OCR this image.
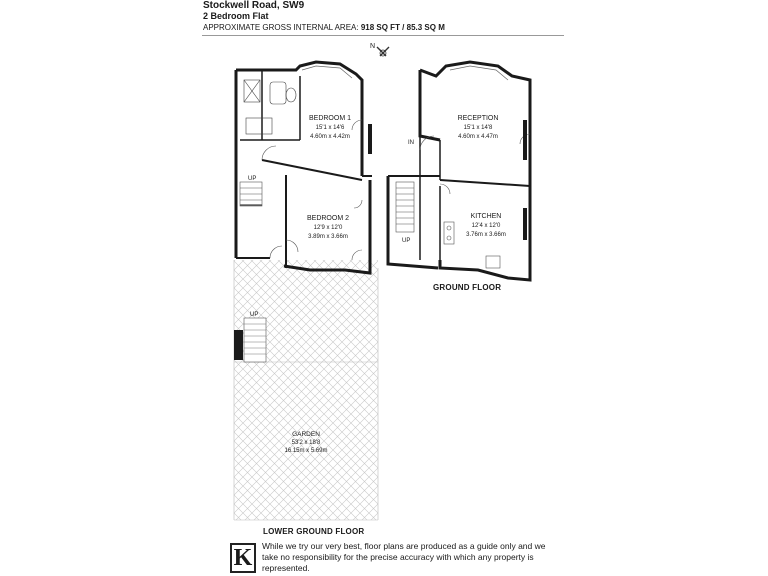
Stockwell Road, SW9
2 Bedroom Flat
APPROXIMATE GROSS INTERNAL AREA: 918 SQ FT / 85.3 SQ M
N
BEDROOM 1
15'1 x 14'6
4.60m x 4.42m
BEDROOM 2
12'9 x 12'0
3.89m x 3.66m
GARDEN
53'2 x 18'8
16.15m x 5.69m
UP
UP
RECEPTION
15'1 x 14'8
4.60m x 4.47m
KITCHEN
12'4 x 12'0
3.76m x 3.66m
IN
UP
GROUND FLOOR
LOWER GROUND FLOOR
K	While we try our very best, floor plans are produced as a guide only and we take no responsibility for the precise accuracy with which any property is represented.
